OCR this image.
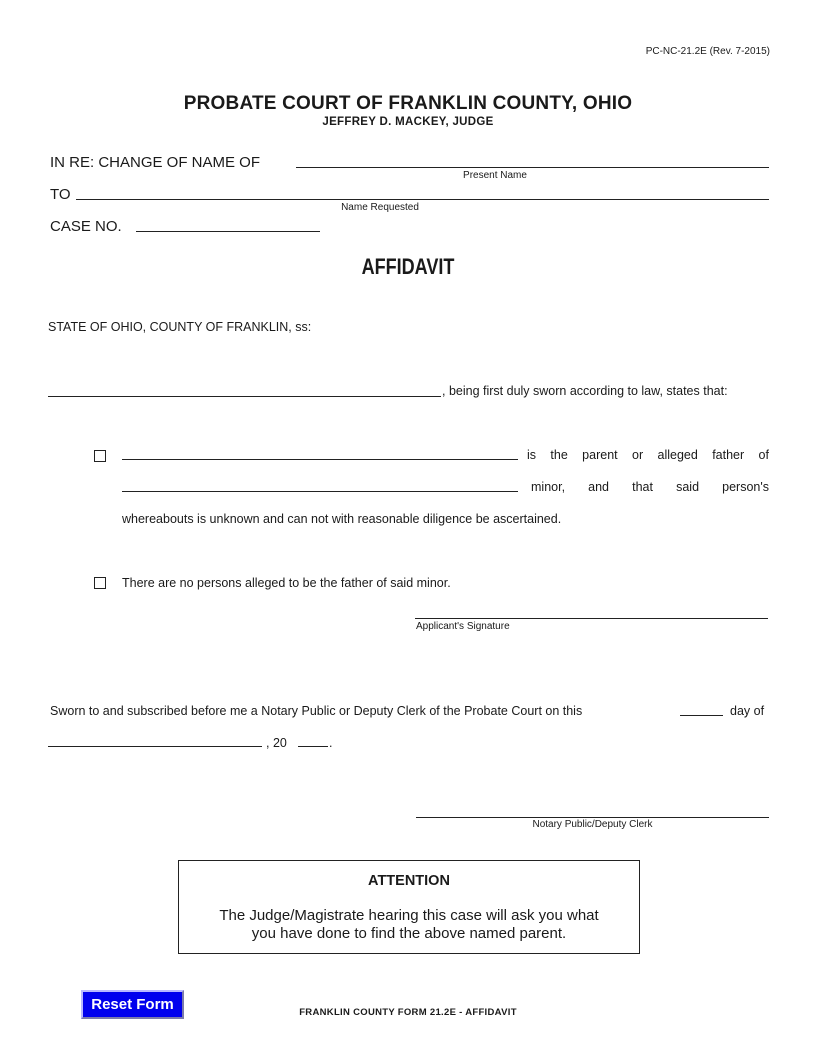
PC-NC-21.2E (Rev. 7-2015)
PROBATE COURT OF FRANKLIN COUNTY, OHIO
JEFFREY D. MACKEY, JUDGE
IN RE: CHANGE OF NAME OF
Present Name
TO
Name Requested
CASE NO.
AFFIDAVIT
STATE OF OHIO, COUNTY OF FRANKLIN, ss:
, being first duly sworn according to law, states that:
is the parent or alleged father of
minor, and that said person's
whereabouts is unknown and can not with reasonable diligence be ascertained.
There are no persons alleged to be the father of said minor.
Applicant's Signature
Sworn to and subscribed before me a Notary Public or Deputy Clerk of the Probate Court on this	day of
, 20	.
Notary Public/Deputy Clerk
ATTENTION
The Judge/Magistrate hearing this case will ask you what
you have done to find the above named parent.
Reset Form	FRANKLIN COUNTY FORM 21.2E - AFFIDAVIT
